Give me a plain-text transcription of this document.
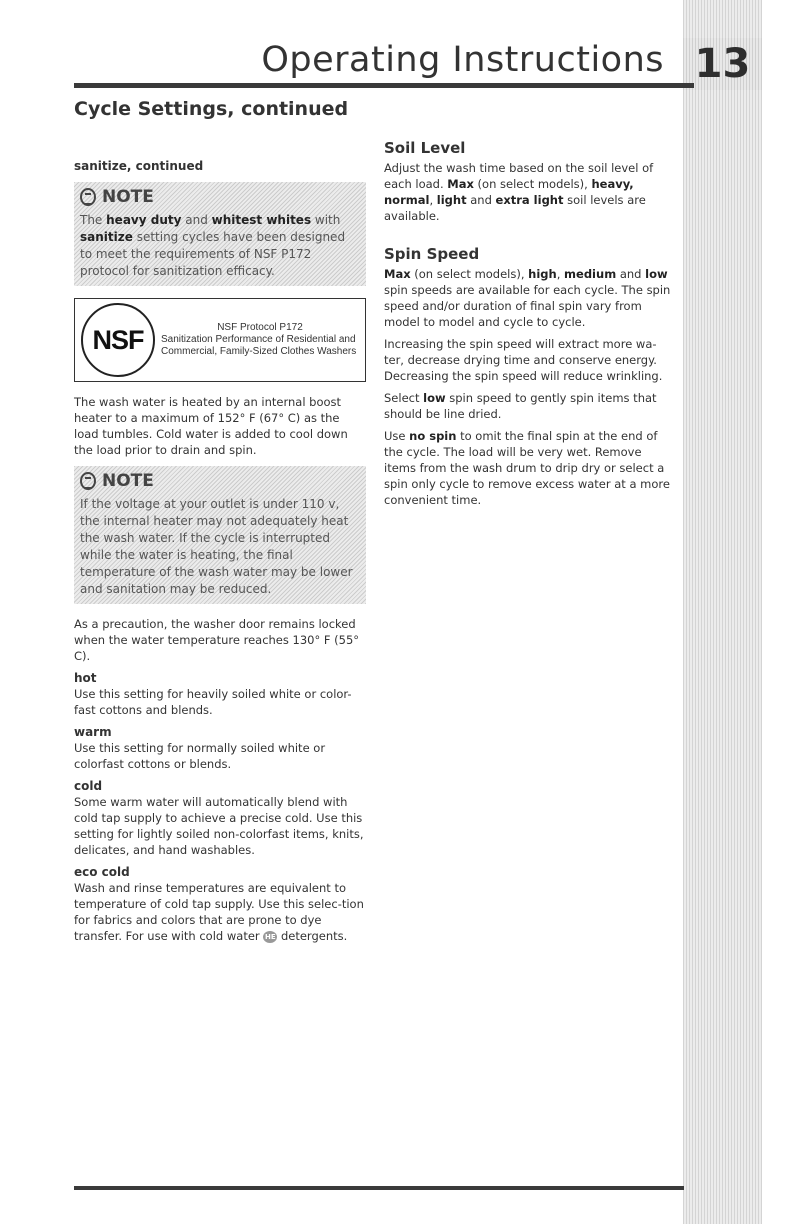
Operating Instructions 13
Cycle Settings, continued
sanitize, continued
NOTE
The heavy duty and whitest whites with sanitize setting cycles have been designed to meet the requirements of NSF P172 protocol for sanitization efficacy.
NSF	NSF Protocol P172
Sanitization Performance of Residential and Commercial, Family-Sized Clothes Washers

The wash water is heated by an internal boost heater to a maximum of 152° F (67° C) as the load tumbles. Cold water is added to cool down the load prior to drain and spin.

NOTE
If the voltage at your outlet is under 110 v, the internal heater may not adequately heat the wash water. If the cycle is interrupted while the water is heating, the final temperature of the wash water may be lower and sanitation may be reduced.

As a precaution, the washer door remains locked when the water temperature reaches 130° F (55° C).

hot

Use this setting for heavily soiled white or color-fast cottons and blends.

warm

Use this setting for normally soiled white or colorfast cottons or blends.

cold

Some warm water will automatically blend with cold tap supply to achieve a precise cold. Use this setting for lightly soiled non-colorfast items, knits, delicates, and hand washables.

eco cold

Wash and rinse temperatures are equivalent to temperature of cold tap supply. Use this selec-tion for fabrics and colors that are prone to dye transfer. For use with cold water HE detergents.

Soil Level

Adjust the wash time based on the soil level of each load. Max (on select models), heavy, normal, light and extra light soil levels are available.

Spin Speed

Max (on select models), high, medium and low spin speeds are available for each cycle. The spin speed and/or duration of final spin vary from model to model and cycle to cycle.

Increasing the spin speed will extract more wa-ter, decrease drying time and conserve energy. Decreasing the spin speed will reduce wrinkling.

Select low spin speed to gently spin items that should be line dried.

Use no spin to omit the final spin at the end of the cycle. The load will be very wet. Remove items from the wash drum to drip dry or select a spin only cycle to remove excess water at a more convenient time.
